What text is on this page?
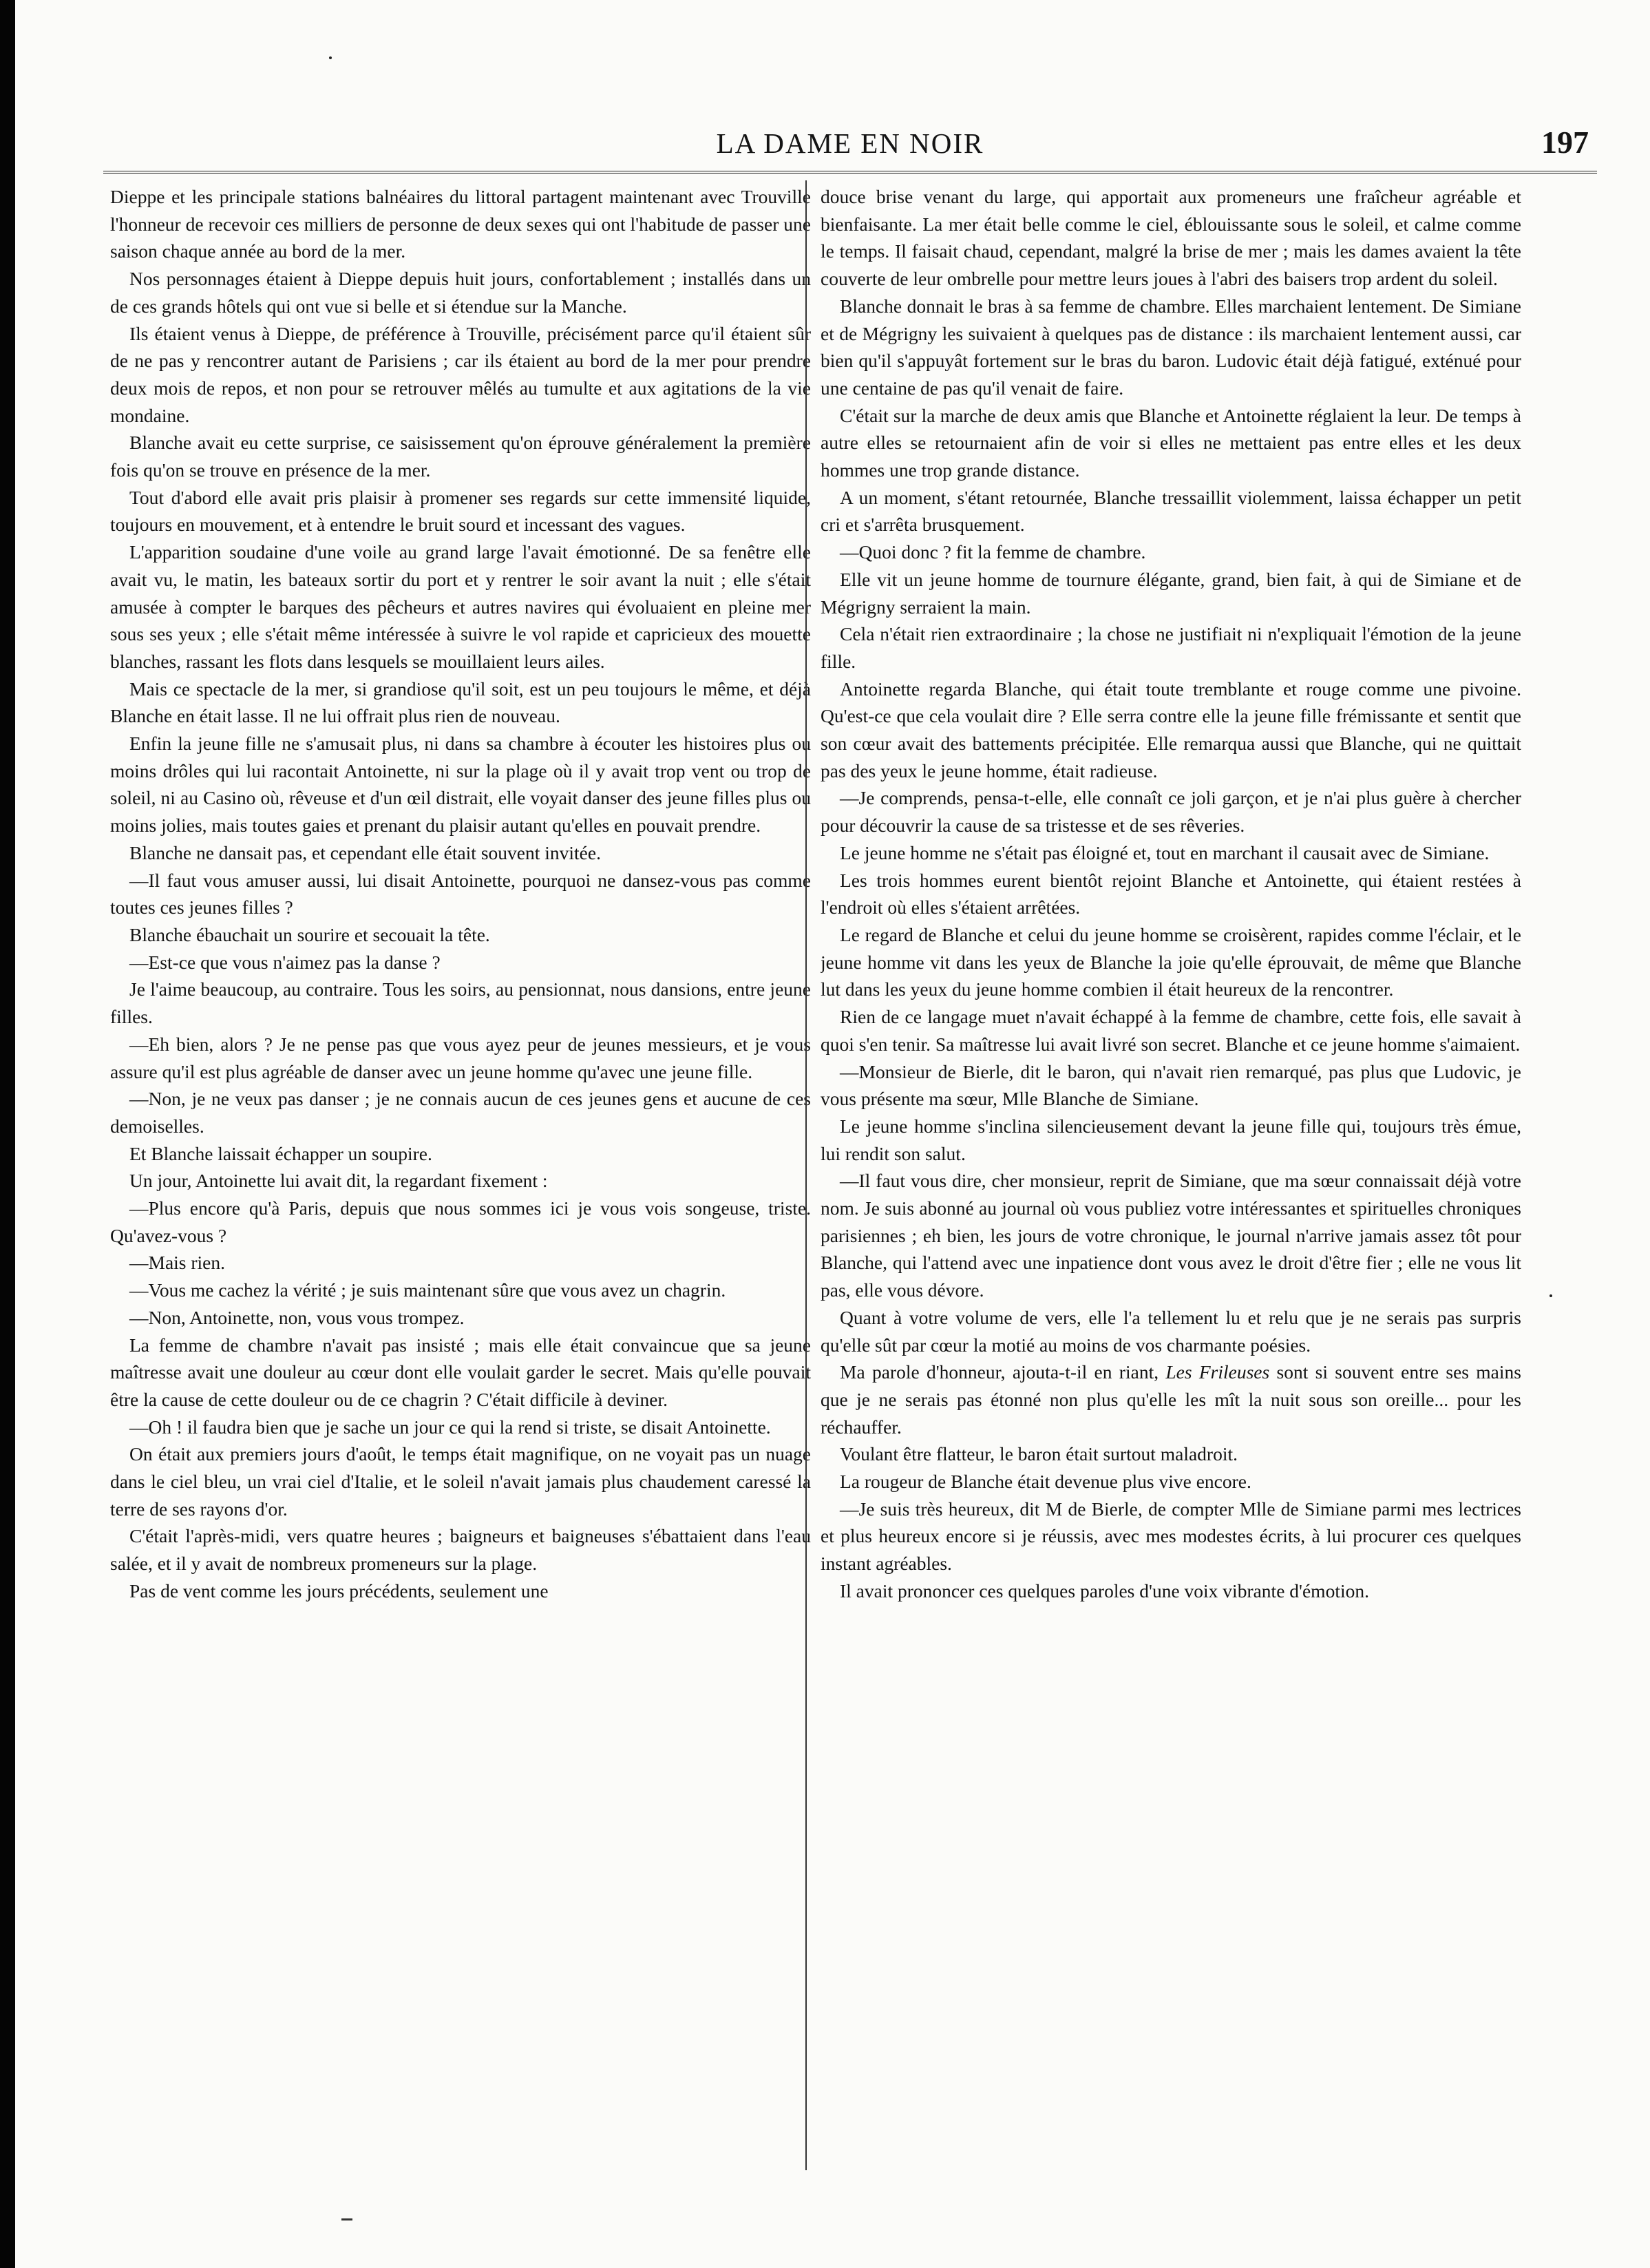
LA DAME EN NOIR	197

Dieppe et les principale stations balnéaires du littoral partagent maintenant avec Trouville l'honneur de recevoir ces milliers de personne de deux sexes qui ont l'habitude de passer une saison chaque année au bord de la mer.

Nos personnages étaient à Dieppe depuis huit jours, confortablement ; installés dans un de ces grands hôtels qui ont vue si belle et si étendue sur la Manche.

Ils étaient venus à Dieppe, de préférence à Trouville, précisément parce qu'il étaient sûr de ne pas y rencontrer autant de Parisiens ; car ils étaient au bord de la mer pour prendre deux mois de repos, et non pour se retrouver mêlés au tumulte et aux agitations de la vie mondaine.

Blanche avait eu cette surprise, ce saisissement qu'on éprouve généralement la première fois qu'on se trouve en présence de la mer.

Tout d'abord elle avait pris plaisir à promener ses regards sur cette immensité liquide, toujours en mouvement, et à entendre le bruit sourd et incessant des vagues.

L'apparition soudaine d'une voile au grand large l'avait émotionné. De sa fenêtre elle avait vu, le matin, les bateaux sortir du port et y rentrer le soir avant la nuit ; elle s'était amusée à compter le barques des pêcheurs et autres navires qui évoluaient en pleine mer sous ses yeux ; elle s'était même intéressée à suivre le vol rapide et capricieux des mouette blanches, rassant les flots dans lesquels se mouillaient leurs ailes.

Mais ce spectacle de la mer, si grandiose qu'il soit, est un peu toujours le même, et déjà Blanche en était lasse. Il ne lui offrait plus rien de nouveau.

Enfin la jeune fille ne s'amusait plus, ni dans sa chambre à écouter les histoires plus ou moins drôles qui lui racontait Antoinette, ni sur la plage où il y avait trop vent ou trop de soleil, ni au Casino où, rêveuse et d'un œil distrait, elle voyait danser des jeune filles plus ou moins jolies, mais toutes gaies et prenant du plaisir autant qu'elles en pouvait prendre.

Blanche ne dansait pas, et cependant elle était souvent invitée.

—Il faut vous amuser aussi, lui disait Antoinette, pourquoi ne dansez-vous pas comme toutes ces jeunes filles ?

Blanche ébauchait un sourire et secouait la tête.

—Est-ce que vous n'aimez pas la danse ?

Je l'aime beaucoup, au contraire. Tous les soirs, au pensionnat, nous dansions, entre jeune filles.

—Eh bien, alors ? Je ne pense pas que vous ayez peur de jeunes messieurs, et je vous assure qu'il est plus agréable de danser avec un jeune homme qu'avec une jeune fille.

—Non, je ne veux pas danser ; je ne connais aucun de ces jeunes gens et aucune de ces demoiselles.

Et Blanche laissait échapper un soupire.

Un jour, Antoinette lui avait dit, la regardant fixement :

—Plus encore qu'à Paris, depuis que nous sommes ici je vous vois songeuse, triste. Qu'avez-vous ?

—Mais rien.

—Vous me cachez la vérité ; je suis maintenant sûre que vous avez un chagrin.

—Non, Antoinette, non, vous vous trompez.

La femme de chambre n'avait pas insisté ; mais elle était convaincue que sa jeune maîtresse avait une douleur au cœur dont elle voulait garder le secret. Mais qu'elle pouvait être la cause de cette douleur ou de ce chagrin ? C'était difficile à deviner.

—Oh ! il faudra bien que je sache un jour ce qui la rend si triste, se disait Antoinette.

On était aux premiers jours d'août, le temps était magnifique, on ne voyait pas un nuage dans le ciel bleu, un vrai ciel d'Italie, et le soleil n'avait jamais plus chaudement caressé la terre de ses rayons d'or.

C'était l'après-midi, vers quatre heures ; baigneurs et baigneuses s'ébattaient dans l'eau salée, et il y avait de nombreux promeneurs sur la plage.

Pas de vent comme les jours précédents, seulement une

douce brise venant du large, qui apportait aux promeneurs une fraîcheur agréable et bienfaisante. La mer était belle comme le ciel, éblouissante sous le soleil, et calme comme le temps. Il faisait chaud, cependant, malgré la brise de mer ; mais les dames avaient la tête couverte de leur ombrelle pour mettre leurs joues à l'abri des baisers trop ardent du soleil.

Blanche donnait le bras à sa femme de chambre. Elles marchaient lentement. De Simiane et de Mégrigny les suivaient à quelques pas de distance : ils marchaient lentement aussi, car bien qu'il s'appuyât fortement sur le bras du baron. Ludovic était déjà fatigué, exténué pour une centaine de pas qu'il venait de faire.

C'était sur la marche de deux amis que Blanche et Antoinette réglaient la leur. De temps à autre elles se retournaient afin de voir si elles ne mettaient pas entre elles et les deux hommes une trop grande distance.

A un moment, s'étant retournée, Blanche tressaillit violemment, laissa échapper un petit cri et s'arrêta brusquement.

—Quoi donc ? fit la femme de chambre.

Elle vit un jeune homme de tournure élégante, grand, bien fait, à qui de Simiane et de Mégrigny serraient la main.

Cela n'était rien extraordinaire ; la chose ne justifiait ni n'expliquait l'émotion de la jeune fille.

Antoinette regarda Blanche, qui était toute tremblante et rouge comme une pivoine. Qu'est-ce que cela voulait dire ? Elle serra contre elle la jeune fille frémissante et sentit que son cœur avait des battements précipitée. Elle remarqua aussi que Blanche, qui ne quittait pas des yeux le jeune homme, était radieuse.

—Je comprends, pensa-t-elle, elle connaît ce joli garçon, et je n'ai plus guère à chercher pour découvrir la cause de sa tristesse et de ses rêveries.

Le jeune homme ne s'était pas éloigné et, tout en marchant il causait avec de Simiane.

Les trois hommes eurent bientôt rejoint Blanche et Antoinette, qui étaient restées à l'endroit où elles s'étaient arrêtées.

Le regard de Blanche et celui du jeune homme se croisèrent, rapides comme l'éclair, et le jeune homme vit dans les yeux de Blanche la joie qu'elle éprouvait, de même que Blanche lut dans les yeux du jeune homme combien il était heureux de la rencontrer.

Rien de ce langage muet n'avait échappé à la femme de chambre, cette fois, elle savait à quoi s'en tenir. Sa maîtresse lui avait livré son secret. Blanche et ce jeune homme s'aimaient.

—Monsieur de Bierle, dit le baron, qui n'avait rien remarqué, pas plus que Ludovic, je vous présente ma sœur, Mlle Blanche de Simiane.

Le jeune homme s'inclina silencieusement devant la jeune fille qui, toujours très émue, lui rendit son salut.

—Il faut vous dire, cher monsieur, reprit de Simiane, que ma sœur connaissait déjà votre nom. Je suis abonné au journal où vous publiez votre intéressantes et spirituelles chroniques parisiennes ; eh bien, les jours de votre chronique, le journal n'arrive jamais assez tôt pour Blanche, qui l'attend avec une inpatience dont vous avez le droit d'être fier ; elle ne vous lit pas, elle vous dévore.

Quant à votre volume de vers, elle l'a tellement lu et relu que je ne serais pas surpris qu'elle sût par cœur la motié au moins de vos charmante poésies.

Ma parole d'honneur, ajouta-t-il en riant, Les Frileuses sont si souvent entre ses mains que je ne serais pas étonné non plus qu'elle les mît la nuit sous son oreille... pour les réchauffer.

Voulant être flatteur, le baron était surtout maladroit.

La rougeur de Blanche était devenue plus vive encore.

—Je suis très heureux, dit M de Bierle, de compter Mlle de Simiane parmi mes lectrices et plus heureux encore si je réussis, avec mes modestes écrits, à lui procurer ces quelques instant agréables.

Il avait prononcer ces quelques paroles d'une voix vibrante d'émotion.
